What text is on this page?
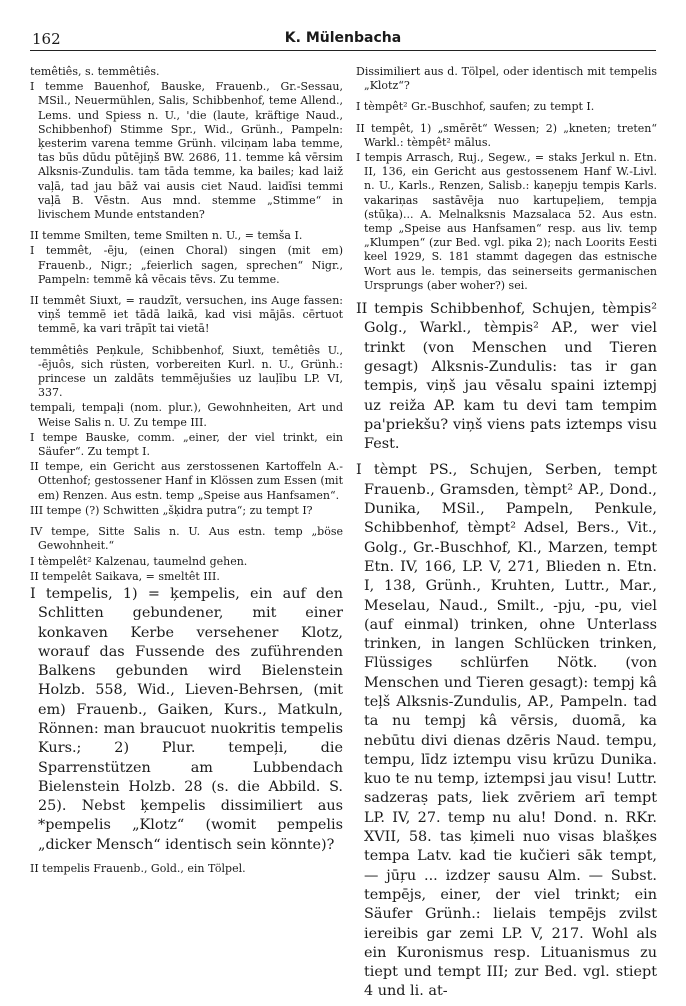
162	K. Mülenbacha

temêtiês, s. temmêtiês.

I temme Bauenhof, Bauske, Frauenb., Gr.-Sessau, MSil., Neuermühlen, Salis, Schibbenhof, teme Allend., Lems. und Spiess n. U., 'die (laute, kräftige Naud., Schibbenhof) Stimme Spr., Wid., Grünh., Pampeln: ķesterim varena temme Grünh. vilciņam laba temme, tas būs dūdu pūtējiņš BW. 2686, 11. temme kâ vērsim Alksnis-Zundulis. tam tāda temme, ka bailes; kad laiž vaļā, tad jau bāž vai ausis ciet Naud. laidīsi temmi vaļā B. Vēstn. Aus mnd. stemme „Stimme“ in livischem Munde entstanden?

II temme Smilten, teme Smilten n. U., = temša I.

I temmêt, -ēju, (einen Choral) singen (mit em) Frauenb., Nigr.; „feierlich sagen, sprechen“ Nigr., Pampeln: temmē kâ vēcais tēvs. Zu temme.

II temmêt Siuxt, = raudzīt, versuchen, ins Auge fassen: viņš temmē iet tādā laikā, kad visi mājās. cērtuot temmē, ka vari trāpīt tai vietā!

temmêtiês Peņkule, Schibbenhof, Siuxt, temêtiês U., -ējuôs, sich rüsten, vorbereiten Kurl. n. U., Grünh.: princese un zaldāts temmējušies uz lauļību LP. VI, 337.

tempali, tempaļi (nom. plur.), Gewohnheiten, Art und Weise Salis n. U. Zu tempe III.

I tempe Bauske, comm. „einer, der viel trinkt, ein Säufer“. Zu tempt I.

II tempe, ein Gericht aus zerstossenen Kartoffeln A.-Ottenhof; gestossener Hanf in Klössen zum Essen (mit em) Renzen. Aus estn. temp „Speise aus Hanfsamen“.

III tempe (?) Schwitten „šķidra putra“; zu tempt I?

IV tempe, Sitte Salis n. U. Aus estn. temp „böse Gewohnheit.“

I tèmpelêt² Kalzenau, taumelnd gehen.

II tempelêt Saikava, = smeltêt III.

I tempelis, 1) = ķempelis, ein auf den Schlitten gebundener, mit einer konkaven Kerbe versehener Klotz, worauf das Fussende des zuführenden Balkens gebunden wird Bielenstein Holzb. 558, Wid., Lieven-Behrsen, (mit em) Frauenb., Gaiken, Kurs., Matkuln, Rönnen: man braucuot nuokritis tempelis Kurs.; 2) Plur. tempeļi, die Sparrenstützen am Lubbendach Bielenstein Holzb. 28 (s. die Abbild. S. 25). Nebst ķempelis dissimiliert aus *pempelis „Klotz“ (womit pempelis „dicker Mensch“ identisch sein könnte)?

II tempelis Frauenb., Gold., ein Tölpel.

Dissimiliert aus d. Tölpel, oder identisch mit tempelis „Klotz“?

I tèmpêt² Gr.-Buschhof, saufen; zu tempt I.

II tempêt, 1) „smērēt“ Wessen; 2) „kneten; treten“ Warkl.: tèmpêt² mālus.

I tempis Arrasch, Ruj., Segew., = staks Jerkul n. Etn. II, 136, ein Gericht aus gestossenem Hanf W.-Livl. n. U., Karls., Renzen, Salisb.: kaņepju tempis Karls. vakariņas sastāvēja nuo kartupeļiem, tempja (stūķa)... A. Melnalksnis Mazsalaca 52. Aus estn. temp „Speise aus Hanfsamen“ resp. aus liv. temp „Klumpen“ (zur Bed. vgl. pika 2); nach Loorits Eesti keel 1929, S. 181 stammt dagegen das estnische Wort aus le. tempis, das seinerseits germanischen Ursprungs (aber woher?) sei.

II tempis Schibbenhof, Schujen, tèmpis² Golg., Warkl., tèmpis² AP., wer viel trinkt (von Menschen und Tieren gesagt) Alksnis-Zundulis: tas ir gan tempis, viņš jau vēsalu spaini iztempj uz reiža AP. kam tu devi tam tempim pa'priekšu? viņš viens pats iztemps visu Fest.

I tèmpt PS., Schujen, Serben, tempt Frauenb., Gramsden, tèmpt² AP., Dond., Dunika, MSil., Pampeln, Penkule, Schibbenhof, tèmpt² Adsel, Bers., Vit., Golg., Gr.-Buschhof, Kl., Marzen, tempt Etn. IV, 166, LP. V, 271, Blieden n. Etn. I, 138, Grünh., Kruhten, Luttr., Mar., Meselau, Naud., Smilt., -pju, -pu, viel (auf einmal) trinken, ohne Unterlass trinken, in langen Schlücken trinken, Flüssiges schlürfen Nötk. (von Menschen und Tieren gesagt): tempj kâ teļš Alksnis-Zundulis, AP., Pampeln. tad ta nu tempj kâ vērsis, duomā, ka nebūtu divi dienas dzēris Naud. tempu, tempu, līdz iztempu visu krūzu Dunika. kuo te nu temp, iztempsi jau visu! Luttr. sadzeraṣ pats, liek zvēriem arī tempt LP. IV, 27. temp nu alu! Dond. n. RKr. XVII, 58. tas ķimeli nuo visas blašķes tempa Latv. kad tie kučieri sāk tempt, — jūŗu ... izdzeŗ sausu Alm. — Subst. tempējs, einer, der viel trinkt; ein Säufer Grünh.: lielais tempējs zvilst iereibis gar zemi LP. V, 217. Wohl als ein Kuronismus resp. Lituanismus zu tiept und tempt III; zur Bed. vgl. stiept 4 und li. at-
